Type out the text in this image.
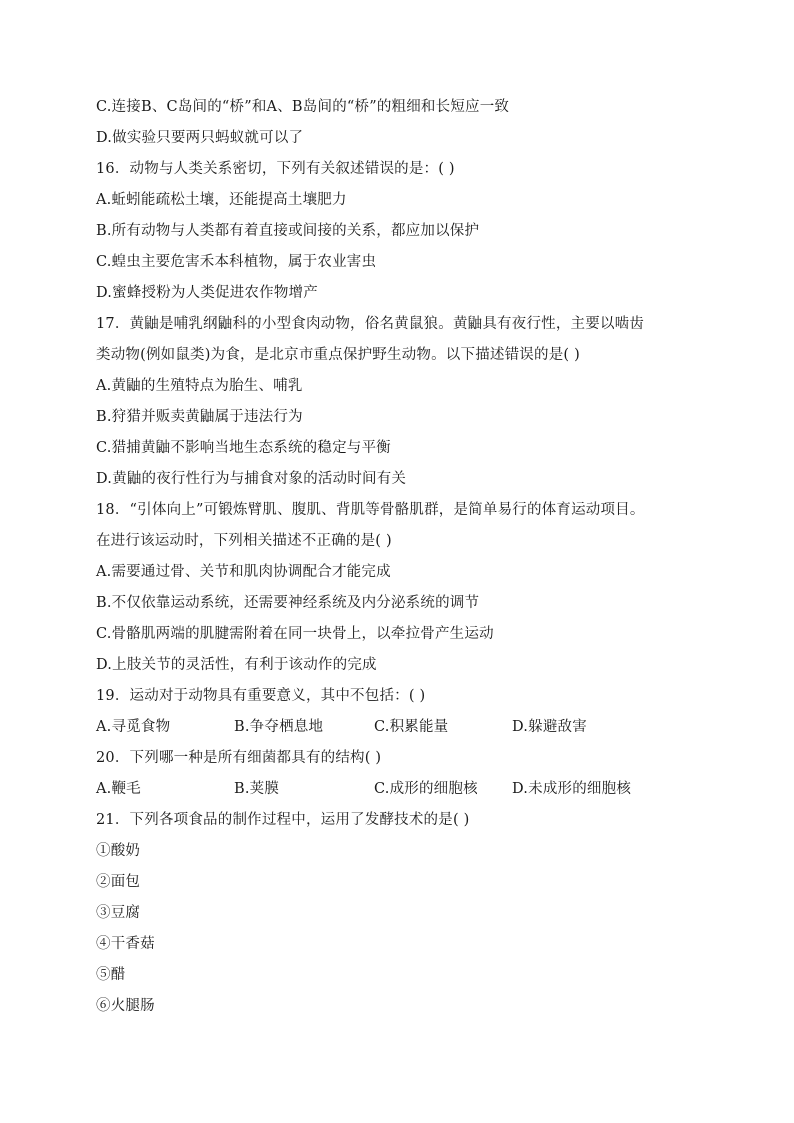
C.连接B、C岛间的“桥”和A、B岛间的“桥”的粗细和长短应一致
D.做实验只要两只蚂蚁就可以了
16．动物与人类关系密切，下列有关叙述错误的是：( )
A.蚯蚓能疏松土壤，还能提高土壤肥力
B.所有动物与人类都有着直接或间接的关系，都应加以保护
C.蝗虫主要危害禾本科植物，属于农业害虫
D.蜜蜂授粉为人类促进农作物增产
17．黄鼬是哺乳纲鼬科的小型食肉动物，俗名黄鼠狼。黄鼬具有夜行性，主要以啮齿
类动物(例如鼠类)为食，是北京市重点保护野生动物。以下描述错误的是( )
A.黄鼬的生殖特点为胎生、哺乳
B.狩猎并贩卖黄鼬属于违法行为
C.猎捕黄鼬不影响当地生态系统的稳定与平衡
D.黄鼬的夜行性行为与捕食对象的活动时间有关
18．“引体向上”可锻炼臂肌、腹肌、背肌等骨骼肌群，是简单易行的体育运动项目。
在进行该运动时，下列相关描述不正确的是( )
A.需要通过骨、关节和肌肉协调配合才能完成
B.不仅依靠运动系统，还需要神经系统及内分泌系统的调节
C.骨骼肌两端的肌腱需附着在同一块骨上，以牵拉骨产生运动
D.上肢关节的灵活性，有利于该动作的完成
19．运动对于动物具有重要意义，其中不包括：( )
A.寻觅食物	B.争夺栖息地	C.积累能量	D.躲避敌害
20．下列哪一种是所有细菌都具有的结构( )
A.鞭毛	B.荚膜	C.成形的细胞核	D.未成形的细胞核
21．下列各项食品的制作过程中，运用了发酵技术的是( )
①酸奶
②面包
③豆腐
④干香菇
⑤醋
⑥火腿肠
